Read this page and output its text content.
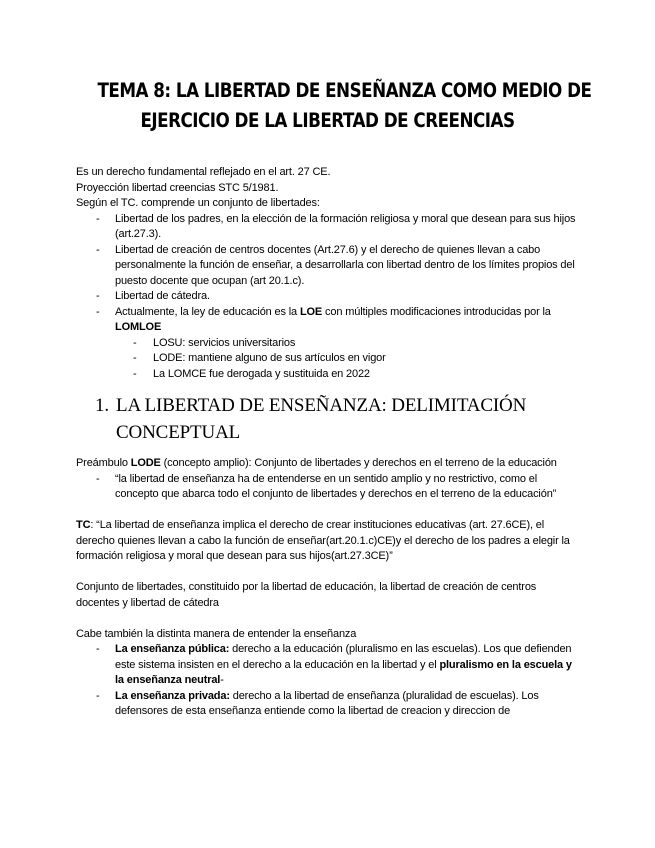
TEMA 8: LA LIBERTAD DE ENSEÑANZA COMO MEDIO DE
EJERCICIO DE LA LIBERTAD DE CREENCIAS

Es un derecho fundamental reflejado en el art. 27 CE.

Proyección libertad creencias STC 5/1981.

Según el TC. comprende un conjunto de libertades:

- Libertad de los padres, en la elección de la formación religiosa y moral que desean para sus hijos (art.27.3).
- Libertad de creación de centros docentes (Art.27.6) y el derecho de quienes llevan a cabo personalmente la función de enseñar, a desarrollarla con libertad dentro de los límites propios del puesto docente que ocupan (art 20.1.c).
- Libertad de cátedra.
- Actualmente, la ley de educación es la LOE con múltiples modificaciones introducidas por la LOMLOE
- LOSU: servicios universitarios
- LODE: mantiene alguno de sus artículos en vigor
- La LOMCE fue derogada y sustituida en 2022
1. LA LIBERTAD DE ENSEÑANZA: DELIMITACIÓN
CONCEPTUAL

Preámbulo LODE (concepto amplio): Conjunto de libertades y derechos en el terreno de la educación

- “la libertad de enseñanza ha de entenderse en un sentido amplio y no restrictivo, como el concepto que abarca todo el conjunto de libertades y derechos en el terreno de la educación”

TC: “La libertad de enseñanza implica el derecho de crear instituciones educativas (art. 27.6CE), el derecho quienes llevan a cabo la función de enseñar(art.20.1.c)CE)y el derecho de los padres a elegir la formación religiosa y moral que desean para sus hijos(art.27.3CE)”

Conjunto de libertades, constituido por la libertad de educación, la libertad de creación de centros docentes y libertad de cátedra

Cabe también la distinta manera de entender la enseñanza

- La enseñanza pública: derecho a la educación (pluralismo en las escuelas). Los que defienden este sistema insisten en el derecho a la educación en la libertad y el pluralismo en la escuela y la enseñanza neutral-
- La enseñanza privada: derecho a la libertad de enseñanza (pluralidad de escuelas). Los defensores de esta enseñanza entiende como la libertad de creacion y direccion de
